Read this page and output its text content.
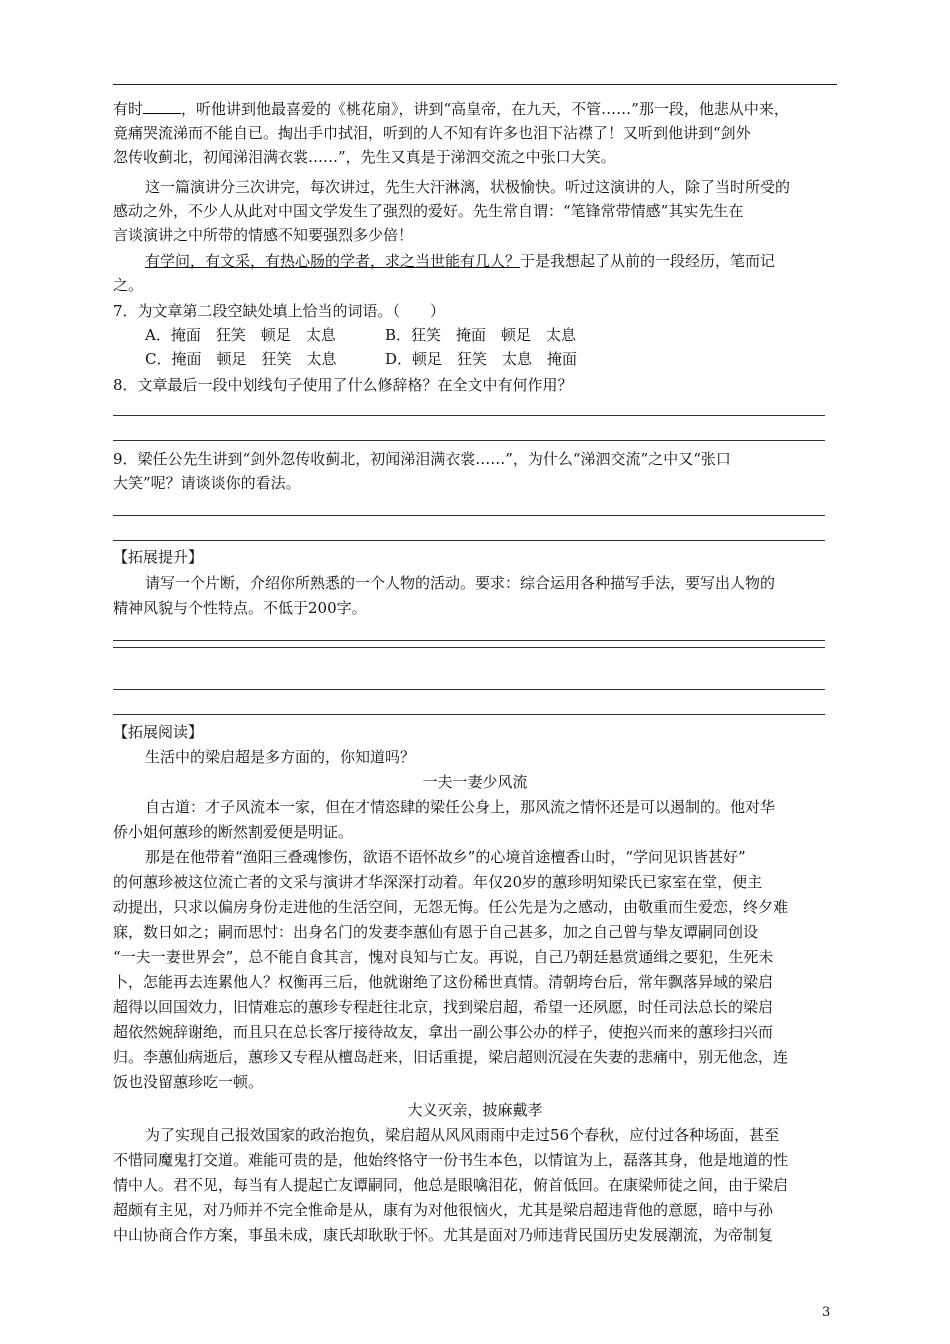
有时	，听他讲到他最喜爱的《桃花扇》，讲到“高皇帝，在九天，不管……”那一段，他悲从中来，
竟痛哭流涕而不能自已。掏出手巾拭泪，听到的人不知有许多也泪下沾襟了！又听到他讲到“剑外
忽传收蓟北，初闻涕泪满衣裳……”，先生又真是于涕泗交流之中张口大笑。
这一篇演讲分三次讲完，每次讲过，先生大汗淋漓，状极愉快。听过这演讲的人，除了当时所受的
感动之外，不少人从此对中国文学发生了强烈的爱好。先生常自谓：“笔锋常带情感”其实先生在
言谈演讲之中所带的情感不知要强烈多少倍！
有学问，有文采，有热心肠的学者，求之当世能有几人？于是我想起了从前的一段经历，笔而记
之。
7．为文章第二段空缺处填上恰当的词语。（　　）
A．掩面　狂笑　顿足　太息	B．狂笑　掩面　顿足　太息
C．掩面　顿足　狂笑　太息	D．顿足　狂笑　太息　掩面
8．文章最后一段中划线句子使用了什么修辞格？在全文中有何作用？
9．梁任公先生讲到“剑外忽传收蓟北，初闻涕泪满衣裳……”，为什么“涕泗交流”之中又“张口
大笑”呢？请谈谈你的看法。
【拓展提升】
请写一个片断，介绍你所熟悉的一个人物的活动。要求：综合运用各种描写手法，要写出人物的
精神风貌与个性特点。不低于200字。
【拓展阅读】
生活中的梁启超是多方面的，你知道吗？
一夫一妻少风流
自古道：才子风流本一家，但在才情恣肆的梁任公身上，那风流之情怀还是可以遏制的。他对华
侨小姐何蕙珍的断然割爱便是明证。
那是在他带着“渔阳三叠魂惨伤，欲语不语怀故乡”的心境首途檀香山时，“学问见识皆甚好”
的何蕙珍被这位流亡者的文采与演讲才华深深打动着。年仅20岁的蕙珍明知梁氏已家室在堂，便主
动提出，只求以偏房身份走进他的生活空间，无怨无悔。任公先是为之感动，由敬重而生爱恋，终夕难
寐，数日如之；嗣而思忖：出身名门的发妻李蕙仙有恩于自己甚多，加之自己曾与挚友谭嗣同创设
“一夫一妻世界会”，总不能自食其言，愧对良知与亡友。再说，自己乃朝廷悬赏通缉之要犯，生死未
卜，怎能再去连累他人？权衡再三后，他就谢绝了这份稀世真情。清朝垮台后，常年飘落异域的梁启
超得以回国效力，旧情难忘的蕙珍专程赶往北京，找到梁启超，希望一还夙愿，时任司法总长的梁启
超依然婉辞谢绝，而且只在总长客厅接待故友，拿出一副公事公办的样子，使抱兴而来的蕙珍扫兴而
归。李蕙仙病逝后，蕙珍又专程从檀岛赶来，旧话重提，梁启超则沉浸在失妻的悲痛中，别无他念，连
饭也没留蕙珍吃一顿。
大义灭亲，披麻戴孝
为了实现自己报效国家的政治抱负，梁启超从风风雨雨中走过56个春秋，应付过各种场面，甚至
不惜同魔鬼打交道。难能可贵的是，他始终恪守一份书生本色，以情谊为上，磊落其身，他是地道的性
情中人。君不见，每当有人提起亡友谭嗣同，他总是眼噙泪花，俯首低回。在康梁师徒之间，由于梁启
超颇有主见，对乃师并不完全惟命是从，康有为对他很恼火，尤其是梁启超违背他的意愿，暗中与孙
中山协商合作方案，事虽未成，康氏却耿耿于怀。尤其是面对乃师违背民国历史发展潮流，为帝制复
3
